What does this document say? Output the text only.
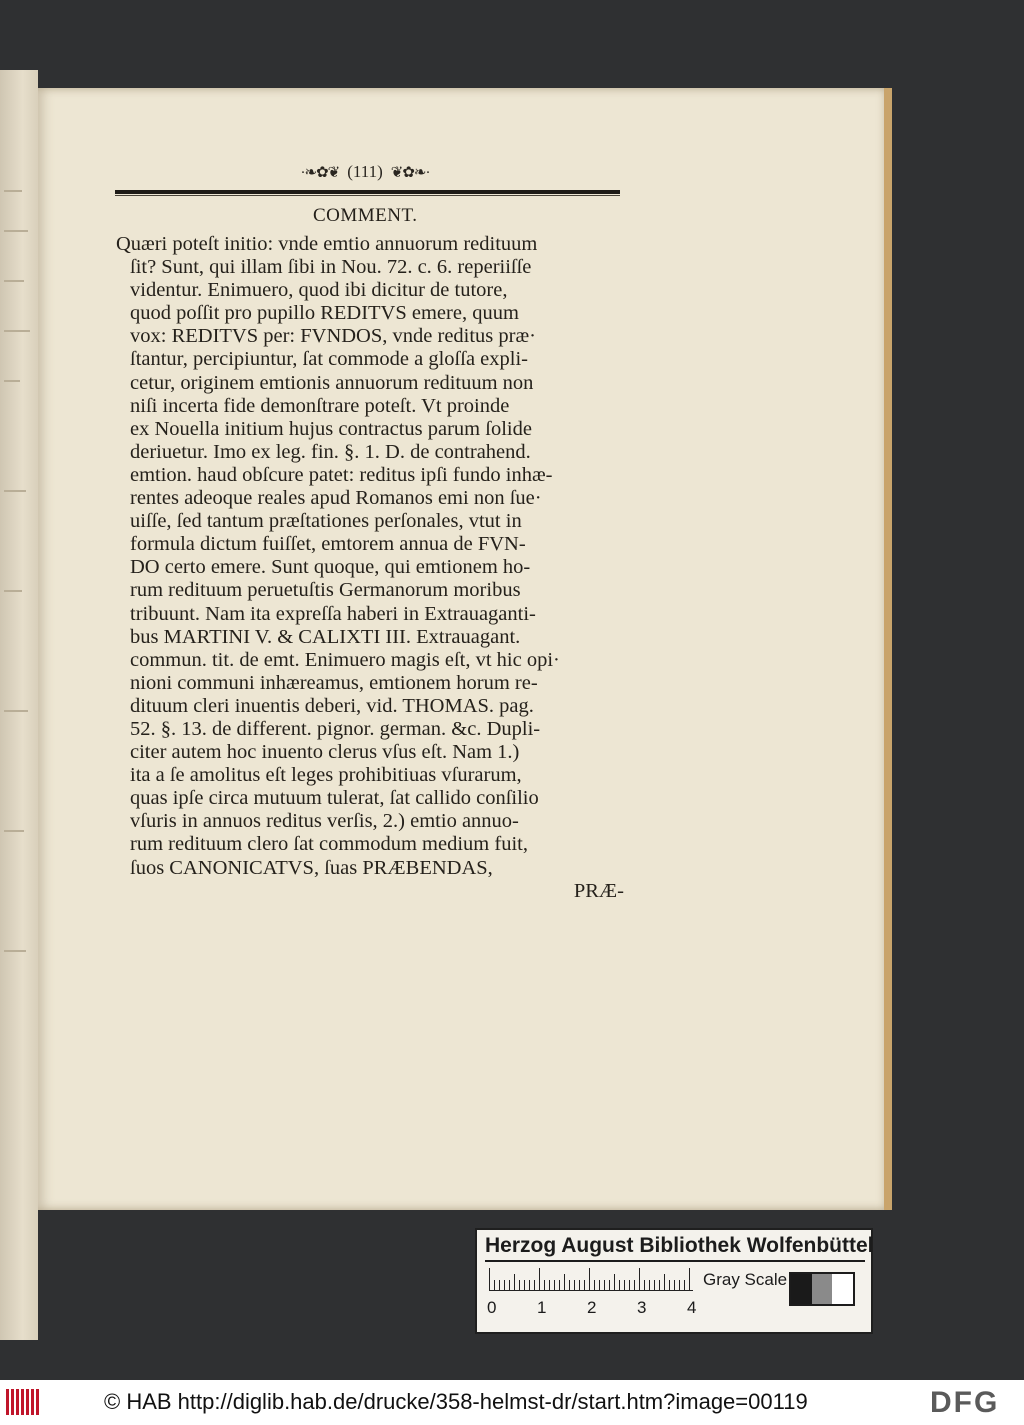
·❧✿❦ (111) ❦✿❧·
COMMENT.
Quæri poteſt initio: vnde emtio annuorum redituum
ſit? Sunt, qui illam ſibi in Nou. 72. c. 6. reperiiſſe
videntur. Enimuero, quod ibi dicitur de tutore,
quod poſſit pro pupillo REDITVS emere, quum
vox: REDITVS per: FVNDOS, vnde reditus præ·
ſtantur, percipiuntur, ſat commode a gloſſa expli-
cetur, originem emtionis annuorum redituum non
niſi incerta fide demonſtrare poteſt. Vt proinde
ex Nouella initium hujus contractus parum ſolide
deriuetur. Imo ex leg. fin. §. 1. D. de contrahend.
emtion. haud obſcure patet: reditus ipſi fundo inhæ-
rentes adeoque reales apud Romanos emi non ſue·
uiſſe, ſed tantum præſtationes perſonales, vtut in
formula dictum fuiſſet, emtorem annua de FVN-
DO certo emere. Sunt quoque, qui emtionem ho-
rum redituum peruetuſtis Germanorum moribus
tribuunt. Nam ita expreſſa haberi in Extrauaganti-
bus MARTINI V. & CALIXTI III. Extrauagant.
commun. tit. de emt. Enimuero magis eſt, vt hic opi·
nioni communi inhæreamus, emtionem horum re-
dituum cleri inuentis deberi, vid. THOMAS. pag.
52. §. 13. de different. pignor. german. &c. Dupli-
citer autem hoc inuento clerus vſus eſt. Nam 1.)
ita a ſe amolitus eſt leges prohibitiuas vſurarum,
quas ipſe circa mutuum tulerat, ſat callido conſilio
vſuris in annuos reditus verſis, 2.) emtio annuo-
rum redituum clero ſat commodum medium fuit,
ſuos CANONICATVS, ſuas PRÆBENDAS,
PRÆ-
Herzog August Bibliothek Wolfenbüttel
0 1 2 3 4
Gray Scale
© HAB http://diglib.hab.de/drucke/358-helmst-dr/start.htm?image=00119	DFG
